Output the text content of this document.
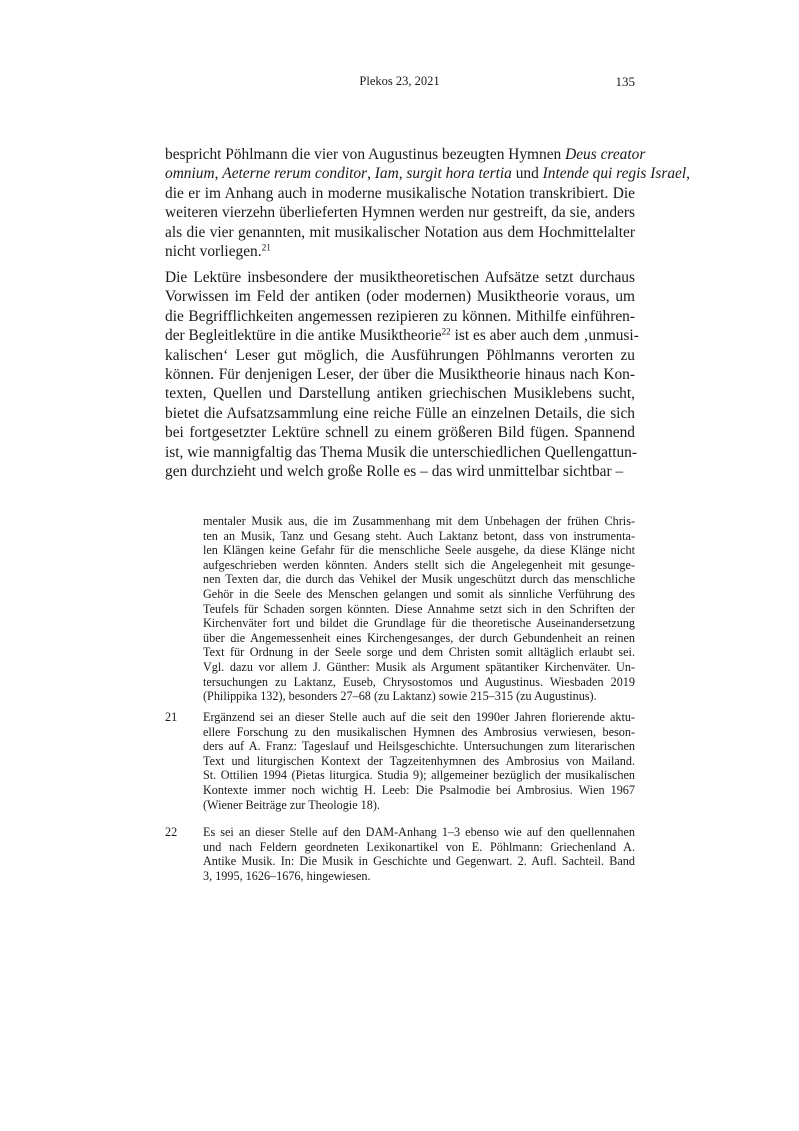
Plekos 23, 2021	135
bespricht Pöhlmann die vier von Augustinus bezeugten Hymnen Deus creator
omnium, Aeterne rerum conditor, Iam, surgit hora tertia und Intende qui regis Israel,
die er im Anhang auch in moderne musikalische Notation transkribiert. Die
weiteren vierzehn überlieferten Hymnen werden nur gestreift, da sie, anders
als die vier genannten, mit musikalischer Notation aus dem Hochmittelalter
nicht vorliegen.$^{21}$
Die Lektüre insbesondere der musiktheoretischen Aufsätze setzt durchaus
Vorwissen im Feld der antiken (oder modernen) Musiktheorie voraus, um
die Begrifflichkeiten angemessen rezipieren zu können. Mithilfe einführen-
der Begleitlektüre in die antike Musiktheorie$^{22}$ ist es aber auch dem ‚unmusi-
kalischen‘ Leser gut möglich, die Ausführungen Pöhlmanns verorten zu
können. Für denjenigen Leser, der über die Musiktheorie hinaus nach Kon-
texten, Quellen und Darstellung antiken griechischen Musiklebens sucht,
bietet die Aufsatzsammlung eine reiche Fülle an einzelnen Details, die sich
bei fortgesetzter Lektüre schnell zu einem größeren Bild fügen. Spannend
ist, wie mannigfaltig das Thema Musik die unterschiedlichen Quellengattun-
gen durchzieht und welch große Rolle es – das wird unmittelbar sichtbar –
mentaler Musik aus, die im Zusammenhang mit dem Unbehagen der frühen Chris-
ten an Musik, Tanz und Gesang steht. Auch Laktanz betont, dass von instrumenta-
len Klängen keine Gefahr für die menschliche Seele ausgehe, da diese Klänge nicht
aufgeschrieben werden könnten. Anders stellt sich die Angelegenheit mit gesunge-
nen Texten dar, die durch das Vehikel der Musik ungeschützt durch das menschliche
Gehör in die Seele des Menschen gelangen und somit als sinnliche Verführung des
Teufels für Schaden sorgen könnten. Diese Annahme setzt sich in den Schriften der
Kirchenväter fort und bildet die Grundlage für die theoretische Auseinandersetzung
über die Angemessenheit eines Kirchengesanges, der durch Gebundenheit an reinen
Text für Ordnung in der Seele sorge und dem Christen somit alltäglich erlaubt sei.
Vgl. dazu vor allem J. Günther: Musik als Argument spätantiker Kirchenväter. Un-
tersuchungen zu Laktanz, Euseb, Chrysostomos und Augustinus. Wiesbaden 2019
(Philippika 132), besonders 27–68 (zu Laktanz) sowie 215–315 (zu Augustinus).
21 Ergänzend sei an dieser Stelle auch auf die seit den 1990er Jahren florierende aktu-
ellere Forschung zu den musikalischen Hymnen des Ambrosius verwiesen, beson-
ders auf A. Franz: Tageslauf und Heilsgeschichte. Untersuchungen zum literarischen
Text und liturgischen Kontext der Tagzeitenhymnen des Ambrosius von Mailand.
St. Ottilien 1994 (Pietas liturgica. Studia 9); allgemeiner bezüglich der musikalischen
Kontexte immer noch wichtig H. Leeb: Die Psalmodie bei Ambrosius. Wien 1967
(Wiener Beiträge zur Theologie 18).
22 Es sei an dieser Stelle auf den DAM-Anhang 1–3 ebenso wie auf den quellennahen
und nach Feldern geordneten Lexikonartikel von E. Pöhlmann: Griechenland A.
Antike Musik. In: Die Musik in Geschichte und Gegenwart. 2. Aufl. Sachteil. Band
3, 1995, 1626–1676, hingewiesen.
